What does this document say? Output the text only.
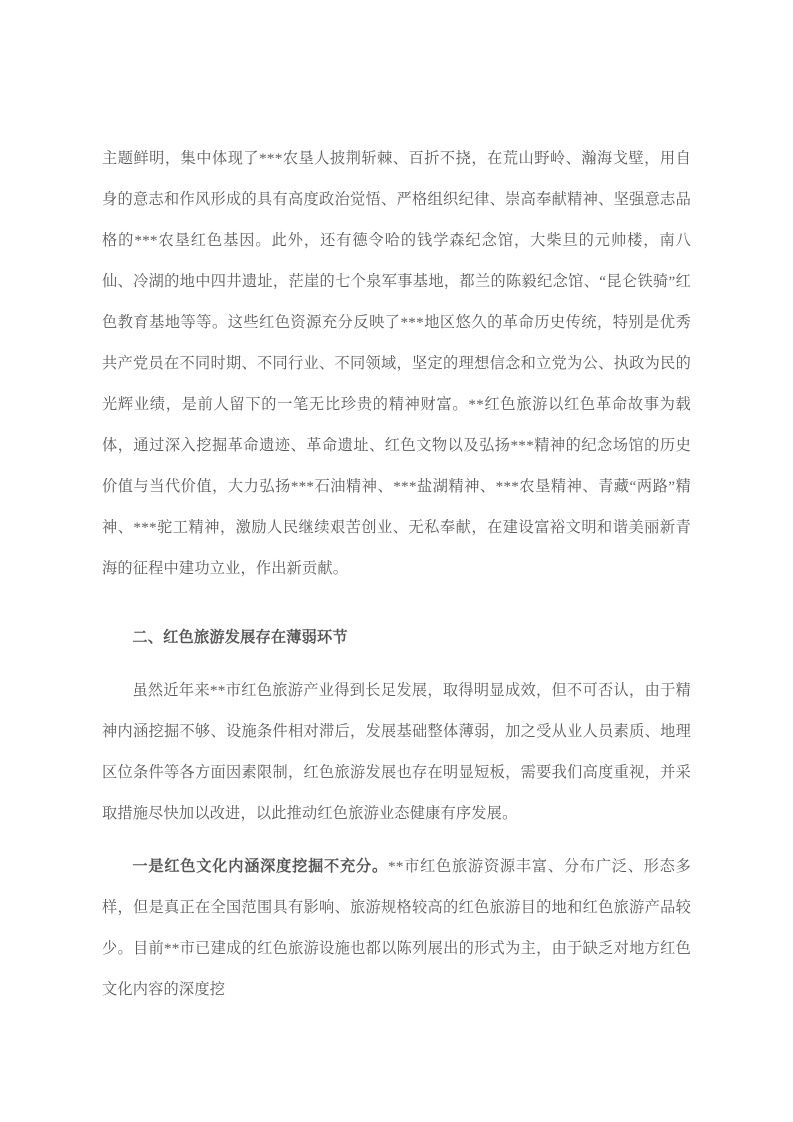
主题鲜明，集中体现了***农垦人披荆斩棘、百折不挠，在荒山野岭、瀚海戈壁，用自身的意志和作风形成的具有高度政治觉悟、严格组织纪律、崇高奉献精神、坚强意志品格的***农垦红色基因。此外，还有德令哈的钱学森纪念馆，大柴旦的元帅楼，南八仙、冷湖的地中四井遗址，茫崖的七个泉军事基地，都兰的陈毅纪念馆、“昆仑铁骑”红色教育基地等等。这些红色资源充分反映了***地区悠久的革命历史传统，特别是优秀共产党员在不同时期、不同行业、不同领域，坚定的理想信念和立党为公、执政为民的光辉业绩，是前人留下的一笔无比珍贵的精神财富。**红色旅游以红色革命故事为载体，通过深入挖掘革命遗迹、革命遗址、红色文物以及弘扬***精神的纪念场馆的历史价值与当代价值，大力弘扬***石油精神、***盐湖精神、***农垦精神、青藏“两路”精神、***驼工精神，激励人民继续艰苦创业、无私奉献，在建设富裕文明和谐美丽新青海的征程中建功立业，作出新贡献。

二、红色旅游发展存在薄弱环节

虽然近年来**市红色旅游产业得到长足发展，取得明显成效，但不可否认，由于精神内涵挖掘不够、设施条件相对滞后，发展基础整体薄弱，加之受从业人员素质、地理区位条件等各方面因素限制，红色旅游发展也存在明显短板，需要我们高度重视，并采取措施尽快加以改进，以此推动红色旅游业态健康有序发展。

一是红色文化内涵深度挖掘不充分。**市红色旅游资源丰富、分布广泛、形态多样，但是真正在全国范围具有影响、旅游规格较高的红色旅游目的地和红色旅游产品较少。目前**市已建成的红色旅游设施也都以陈列展出的形式为主，由于缺乏对地方红色文化内容的深度挖
